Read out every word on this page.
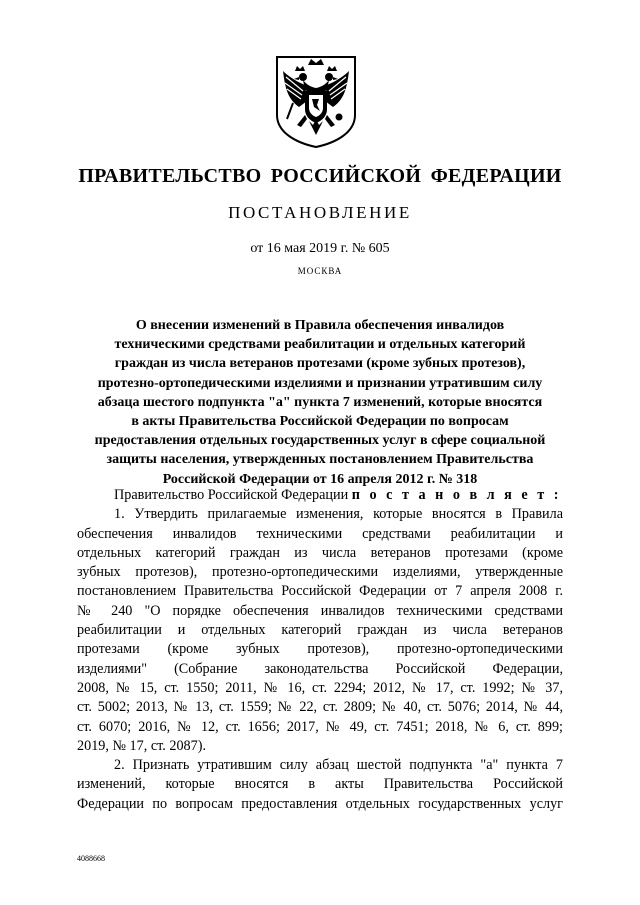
ПРАВИТЕЛЬСТВО РОССИЙСКОЙ ФЕДЕРАЦИИ
ПОСТАНОВЛЕНИЕ
от 16 мая 2019 г. № 605
МОСКВА
О внесении изменений в Правила обеспечения инвалидов
техническими средствами реабилитации и отдельных категорий
граждан из числа ветеранов протезами (кроме зубных протезов),
протезно-ортопедическими изделиями и признании утратившим силу
абзаца шестого подпункта "а" пункта 7 изменений, которые вносятся
в акты Правительства Российской Федерации по вопросам
предоставления отдельных государственных услуг в сфере социальной
защиты населения, утвержденных постановлением Правительства
Российской Федерации от 16 апреля 2012 г. № 318
Правительство Российской Федерации п о с т а н о в л я е т :
1. Утвердить прилагаемые изменения, которые вносятся в Правила
обеспечения инвалидов техническими средствами реабилитации и
отдельных категорий граждан из числа ветеранов протезами (кроме
зубных протезов), протезно-ортопедическими изделиями, утвержденные
постановлением Правительства Российской Федерации от 7 апреля 2008 г.
№ 240 "О порядке обеспечения инвалидов техническими средствами
реабилитации и отдельных категорий граждан из числа ветеранов
протезами (кроме зубных протезов), протезно-ортопедическими
изделиями" (Собрание законодательства Российской Федерации,
2008, № 15, ст. 1550; 2011, № 16, ст. 2294; 2012, № 17, ст. 1992; № 37,
ст. 5002; 2013, № 13, ст. 1559; № 22, ст. 2809; № 40, ст. 5076; 2014, № 44,
ст. 6070; 2016, № 12, ст. 1656; 2017, № 49, ст. 7451; 2018, № 6, ст. 899;
2019, № 17, ст. 2087).
2. Признать утратившим силу абзац шестой подпункта "а" пункта 7
изменений, которые вносятся в акты Правительства Российской
Федерации по вопросам предоставления отдельных государственных услуг
4088668
